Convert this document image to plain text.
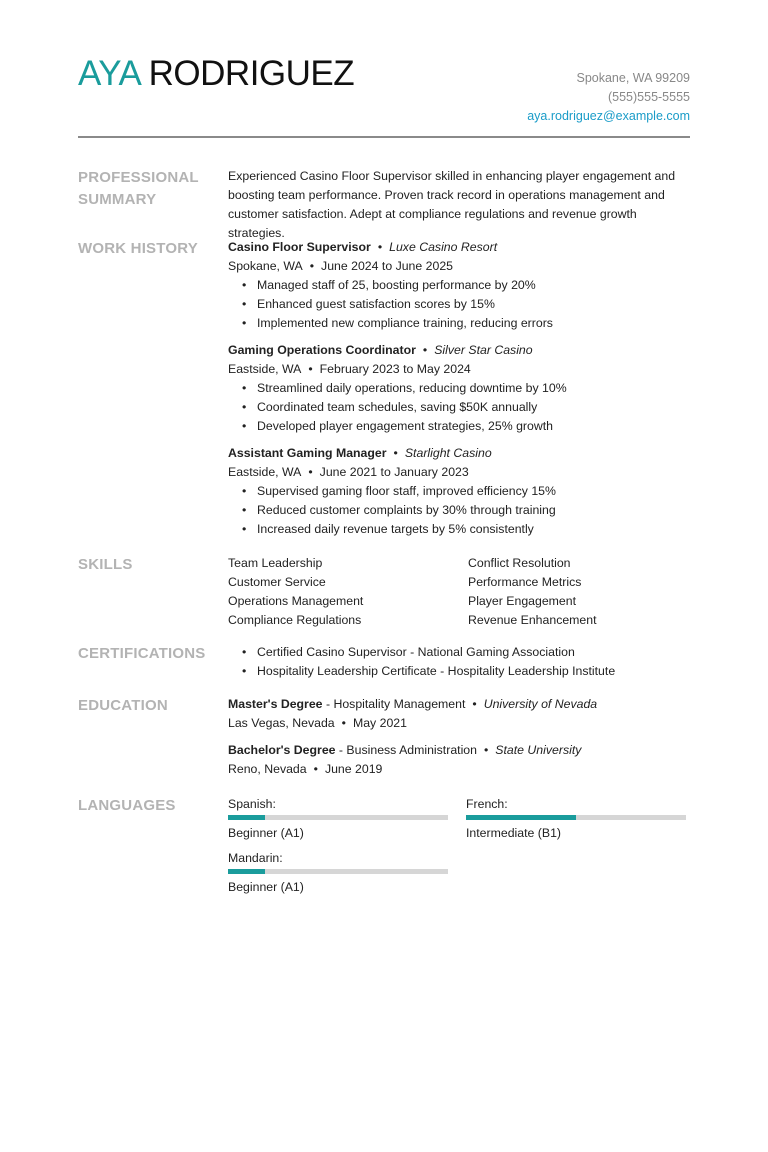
AYA RODRIGUEZ	Spokane, WA 99209
(555)555-5555
aya.rodriguez@example.com
PROFESSIONAL SUMMARY

Experienced Casino Floor Supervisor skilled in enhancing player engagement and boosting team performance. Proven track record in operations management and customer satisfaction. Adept at compliance regulations and revenue growth strategies.

WORK HISTORY	Casino Floor Supervisor • Luxe Casino Resort
Spokane, WA • June 2024 to June 2025
• Managed staff of 25, boosting performance by 20%
• Enhanced guest satisfaction scores by 15%
• Implemented new compliance training, reducing errors
Gaming Operations Coordinator • Silver Star Casino
Eastside, WA • February 2023 to May 2024
• Streamlined daily operations, reducing downtime by 10%
• Coordinated team schedules, saving $50K annually
• Developed player engagement strategies, 25% growth
Assistant Gaming Manager • Starlight Casino
Eastside, WA • June 2021 to January 2023
• Supervised gaming floor staff, improved efficiency 15%
• Reduced customer complaints by 30% through training
• Increased daily revenue targets by 5% consistently
SKILLS	Team Leadership	Conflict Resolution
Customer Service	Performance Metrics
Operations Management	Player Engagement
Compliance Regulations	Revenue Enhancement
CERTIFICATIONS
•	Certified Casino Supervisor - National Gaming Association
• Hospitality Leadership Certificate - Hospitality Leadership Institute
EDUCATION	Master's Degree - Hospitality Management • University of Nevada
Las Vegas, Nevada • May 2021
Bachelor's Degree - Business Administration • State University
Reno, Nevada • June 2019
LANGUAGES	Spanish:
Beginner (A1)
French:
Intermediate (B1)
Mandarin:
Beginner (A1)
